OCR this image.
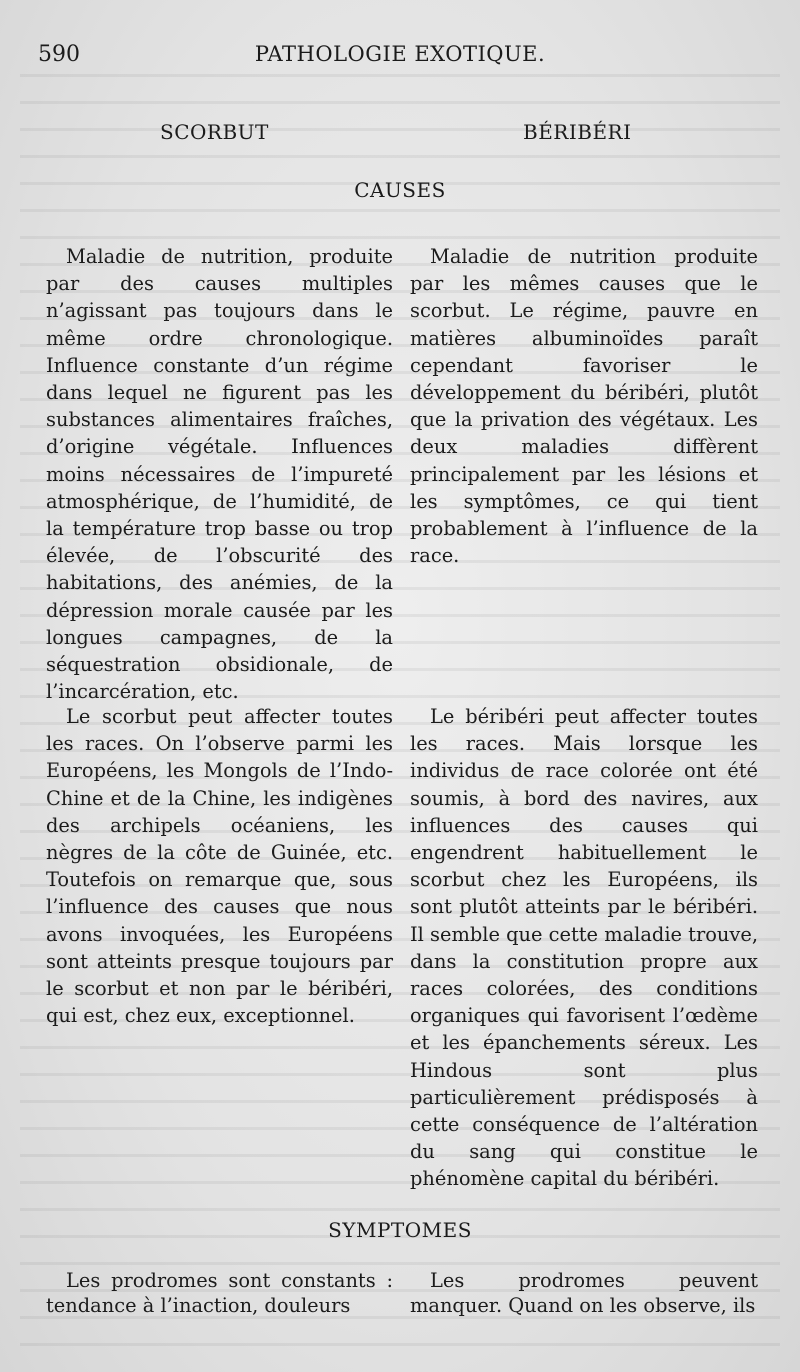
590	PATHOLOGIE EXOTIQUE.
SCORBUT	BÉRIBÉRI
CAUSES

Maladie de nutrition, produite par des causes multiples n’agissant pas toujours dans le même ordre chronologique. Influence constante d’un régime dans lequel ne figurent pas les substances alimentaires fraîches, d’origine végétale. Influences moins nécessaires de l’impureté atmosphérique, de l’humidité, de la température trop basse ou trop élevée, de l’obscurité des habitations, des anémies, de la dépression morale causée par les longues campagnes, de la séquestration obsidionale, de l’incarcération, etc.

Maladie de nutrition produite par les mêmes causes que le scorbut. Le régime, pauvre en matières albuminoïdes paraît cependant favoriser le développement du béribéri, plutôt que la privation des végétaux. Les deux maladies diffèrent principalement par les lésions et les symptômes, ce qui tient probablement à l’influence de la race.

Le scorbut peut affecter toutes les races. On l’observe parmi les Européens, les Mongols de l’Indo-Chine et de la Chine, les indigènes des archipels océaniens, les nègres de la côte de Guinée, etc. Toutefois on remarque que, sous l’influence des causes que nous avons invoquées, les Européens sont atteints presque toujours par le scorbut et non par le béribéri, qui est, chez eux, exceptionnel.

Le béribéri peut affecter toutes les races. Mais lorsque les individus de race colorée ont été soumis, à bord des navires, aux influences des causes qui engendrent habituellement le scorbut chez les Européens, ils sont plutôt atteints par le béribéri. Il semble que cette maladie trouve, dans la constitution propre aux races colorées, des conditions organiques qui favorisent l’œdème et les épanchements séreux. Les Hindous sont plus particulièrement prédisposés à cette conséquence de l’altération du sang qui constitue le phénomène capital du béribéri.

SYMPTOMES

Les prodromes sont constants : tendance à l’inaction, douleurs

Les prodromes peuvent manquer. Quand on les observe, ils
